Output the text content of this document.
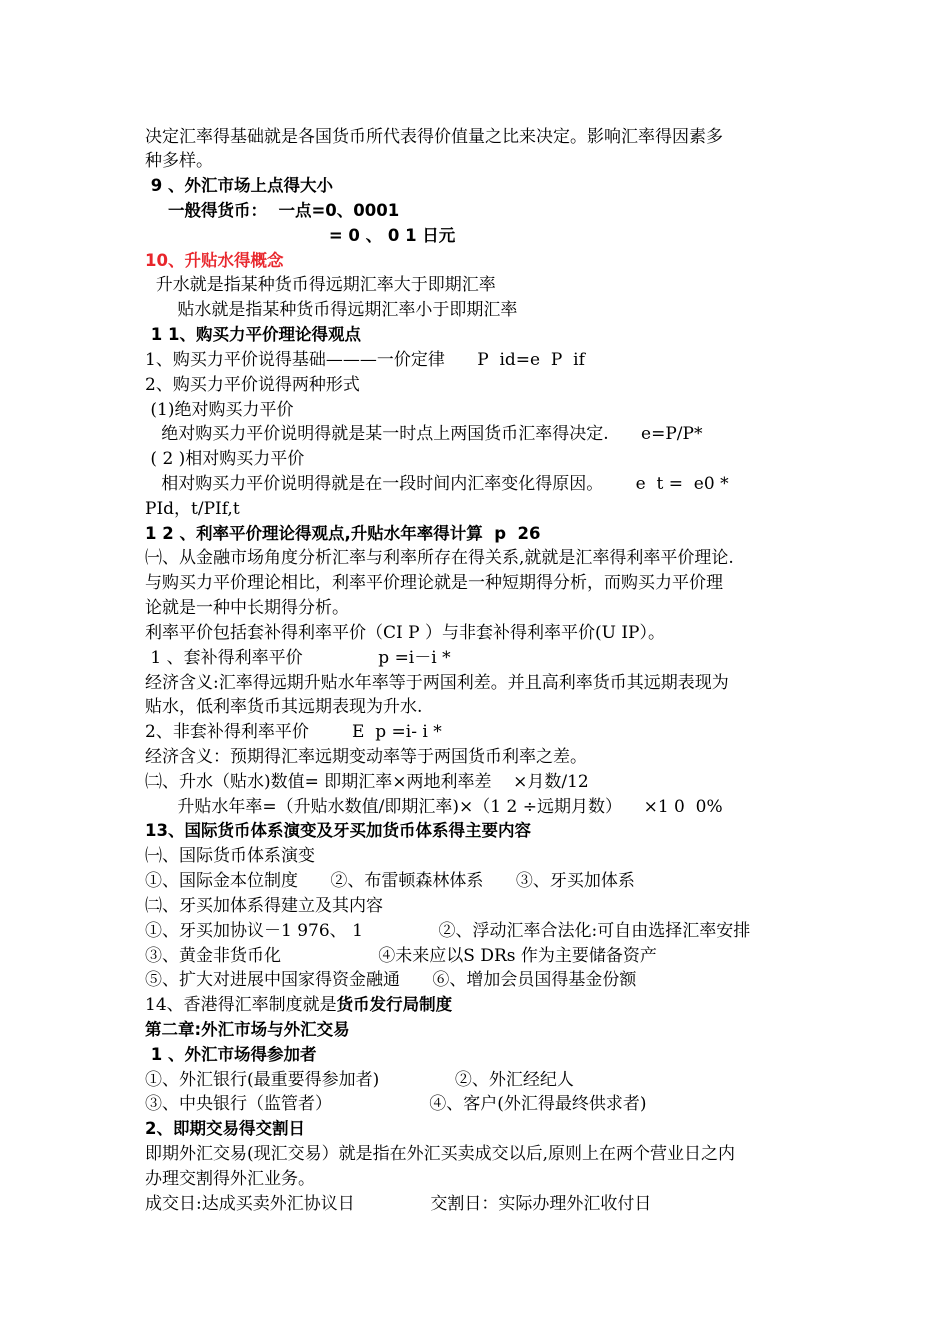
决定汇率得基础就是各国货币所代表得价值量之比来决定。影响汇率得因素多
种多样。
9 、外汇市场上点得大小
一般得货币：  一点=0、0001
= 0 、 0 1 日元
10、升贴水得概念
升水就是指某种货币得远期汇率大于即期汇率
贴水就是指某种货币得远期汇率小于即期汇率
1 1、购买力平价理论得观点
1、购买力平价说得基础———一价定律      P  id=e  P  if
2、购买力平价说得两种形式
(1)绝对购买力平价
绝对购买力平价说明得就是某一时点上两国货币汇率得决定.      e=P/P*
( 2 )相对购买力平价
相对购买力平价说明得就是在一段时间内汇率变化得原因。      e  t =  e0 *
PId，t/PIf,t
1 2 、利率平价理论得观点,升贴水年率得计算  p  26
㈠、从金融市场角度分析汇率与利率所存在得关系,就就是汇率得利率平价理论.
与购买力平价理论相比，利率平价理论就是一种短期得分析，而购买力平价理
论就是一种中长期得分析。
利率平价包括套补得利率平价（CI P ）与非套补得利率平价(U IP）。
1 、套补得利率平价              p =i－i *
经济含义:汇率得远期升贴水年率等于两国利差。并且高利率货币其远期表现为
贴水，低利率货币其远期表现为升水.
2、非套补得利率平价        E  p =i- i *
经济含义：预期得汇率远期变动率等于两国货币利率之差。
㈡、升水（贴水)数值= 即期汇率×两地利率差    ×月数/12
升贴水年率=（升贴水数值/即期汇率)×（1 2 ÷远期月数）    ×1 0  0%
13、国际货币体系演变及牙买加货币体系得主要内容
㈠、国际货币体系演变
①、国际金本位制度      ②、布雷顿森林体系      ③、牙买加体系
㈡、牙买加体系得建立及其内容
①、牙买加协议－1 976、 1              ②、浮动汇率合法化:可自由选择汇率安排
③、黄金非货币化                  ④未来应以S DRs 作为主要储备资产
⑤、扩大对进展中国家得资金融通      ⑥、增加会员国得基金份额
14、香港得汇率制度就是货币发行局制度
第二章:外汇市场与外汇交易
1 、外汇市场得参加者
①、外汇银行(最重要得参加者)              ②、外汇经纪人
③、中央银行（监管者）                  ④、客户(外汇得最终供求者)
2、即期交易得交割日
即期外汇交易(现汇交易）就是指在外汇买卖成交以后,原则上在两个营业日之内
办理交割得外汇业务。
成交日:达成买卖外汇协议日              交割日：实际办理外汇收付日
